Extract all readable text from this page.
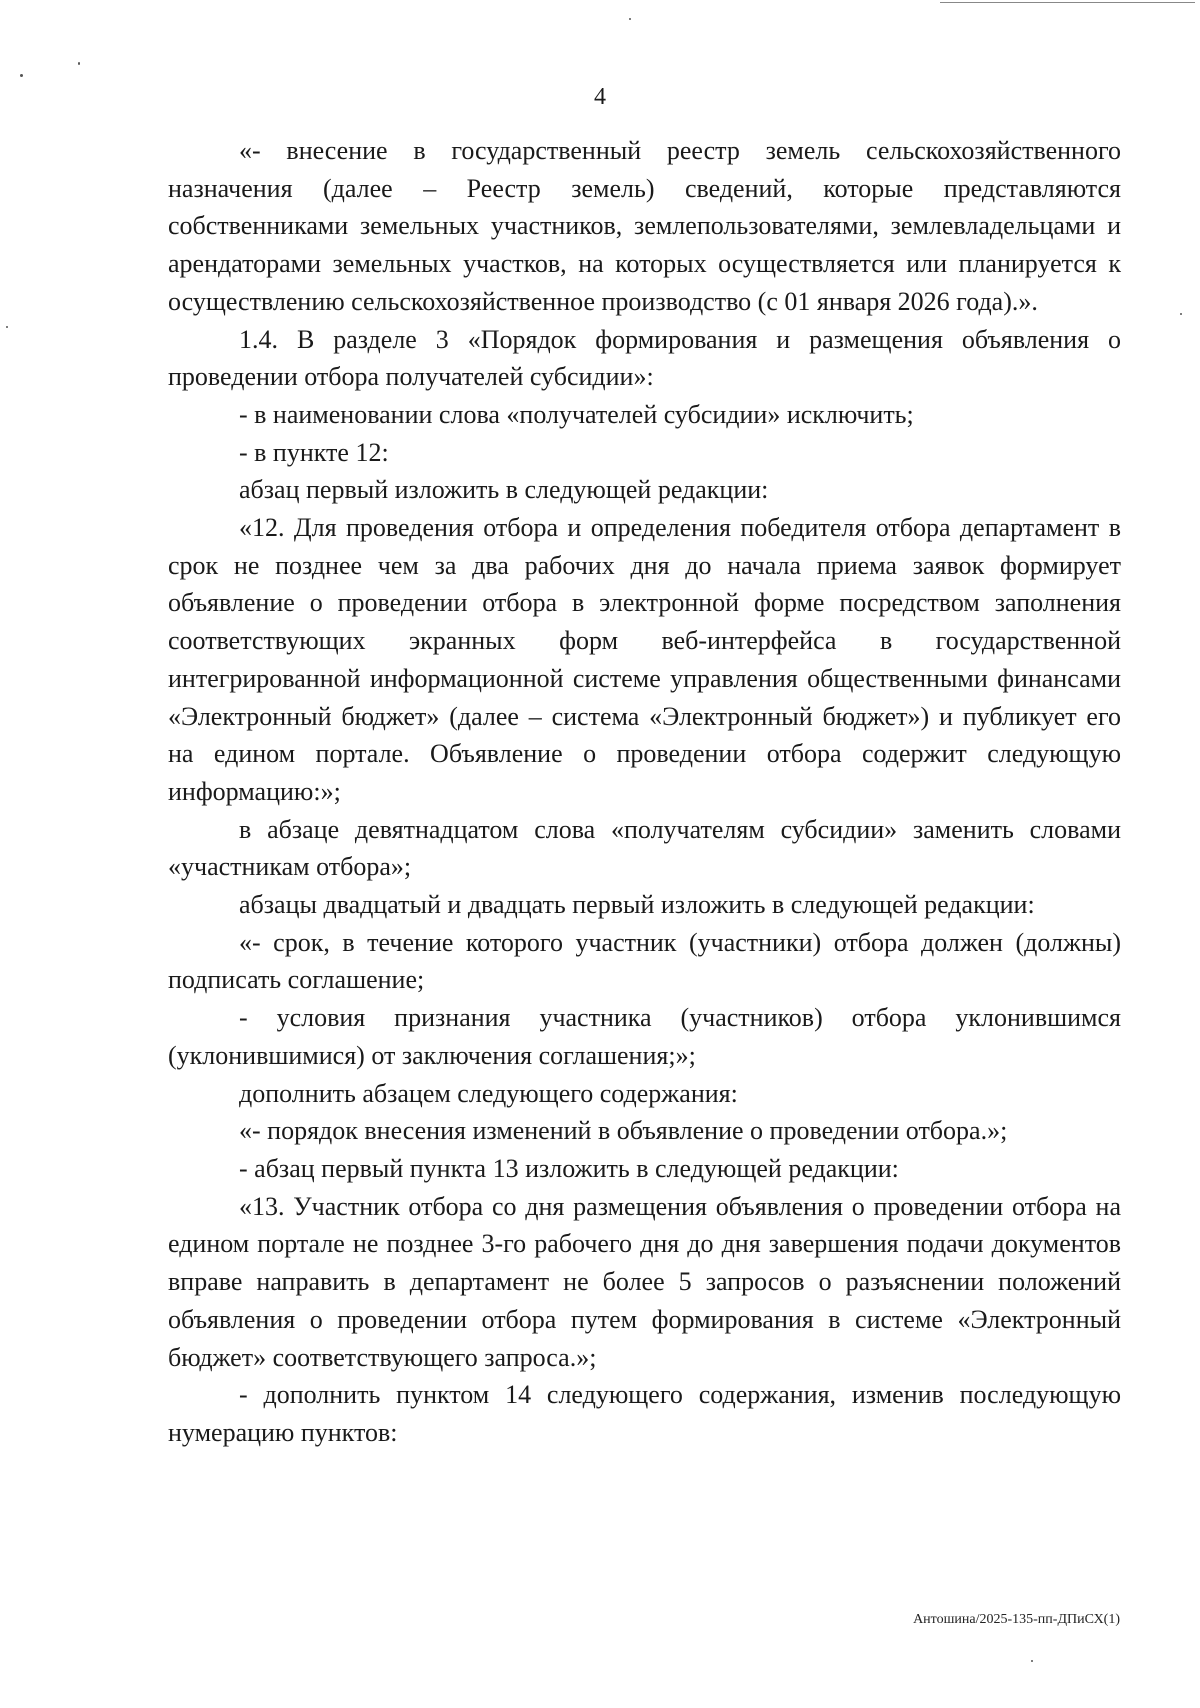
4

«- внесение в государственный реестр земель сельскохозяйственного назначения (далее – Реестр земель) сведений, которые представляются собственниками земельных участников, землепользователями, землевладельцами и арендаторами земельных участков, на которых осуществляется или планируется к осуществлению сельскохозяйственное производство (с 01 января 2026 года).».

1.4. В разделе 3 «Порядок формирования и размещения объявления о проведении отбора получателей субсидии»:

- в наименовании слова «получателей субсидии» исключить;

- в пункте 12:

абзац первый изложить в следующей редакции:

«12. Для проведения отбора и определения победителя отбора департамент в срок не позднее чем за два рабочих дня до начала приема заявок формирует объявление о проведении отбора в электронной форме посредством заполнения соответствующих экранных форм веб-интерфейса в государственной интегрированной информационной системе управления общественными финансами «Электронный бюджет» (далее – система «Электронный бюджет») и публикует его на едином портале. Объявление о проведении отбора содержит следующую информацию:»;

в абзаце девятнадцатом слова «получателям субсидии» заменить словами «участникам отбора»;

абзацы двадцатый и двадцать первый изложить в следующей редакции:

«- срок, в течение которого участник (участники) отбора должен (должны) подписать соглашение;

- условия признания участника (участников) отбора уклонившимся (уклонившимися) от заключения соглашения;»;

дополнить абзацем следующего содержания:

«- порядок внесения изменений в объявление о проведении отбора.»;

- абзац первый пункта 13 изложить в следующей редакции:

«13. Участник отбора со дня размещения объявления о проведении отбора на едином портале не позднее 3-го рабочего дня до дня завершения подачи документов вправе направить в департамент не более 5 запросов о разъяснении положений объявления о проведении отбора путем формирования в системе «Электронный бюджет» соответствующего запроса.»;

- дополнить пунктом 14 следующего содержания, изменив последующую нумерацию пунктов:

Антошина/2025-135-пп-ДПиСХ(1)
